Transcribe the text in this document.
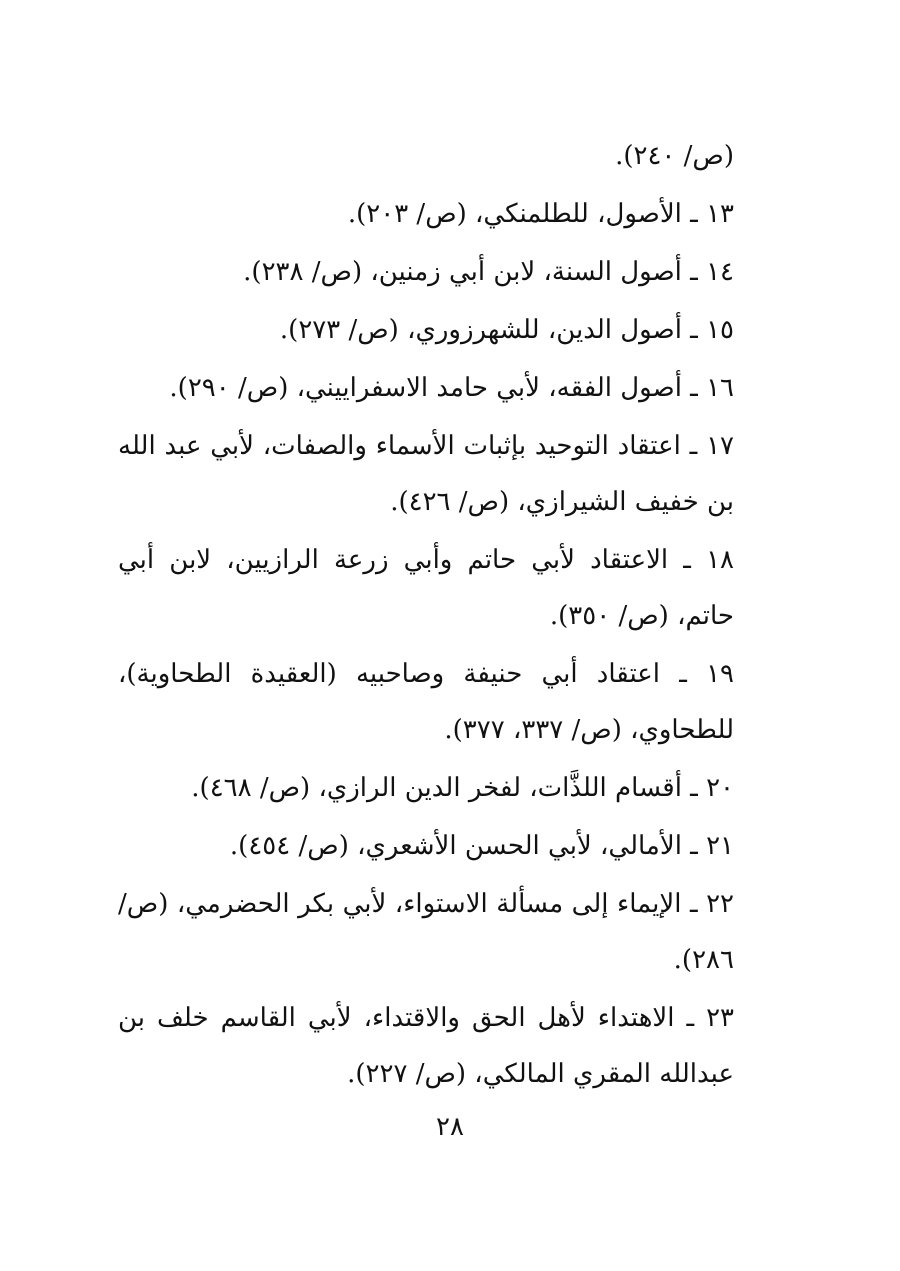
(ص/ ٢٤٠).

١٣ ـ الأصول، للطلمنكي، (ص/ ٢٠٣).

١٤ ـ أصول السنة، لابن أبي زمنين، (ص/ ٢٣٨).

١٥ ـ أصول الدين، للشهرزوري، (ص/ ٢٧٣).

١٦ ـ أصول الفقه، لأبي حامد الاسفراييني، (ص/ ٢٩٠).

١٧ ـ اعتقاد التوحيد بإثبات الأسماء والصفات، لأبي عبد الله بن خفيف الشيرازي، (ص/ ٤٢٦).

١٨ ـ الاعتقاد لأبي حاتم وأبي زرعة الرازيين، لابن أبي حاتم، (ص/ ٣٥٠).

١٩ ـ اعتقاد أبي حنيفة وصاحبيه (العقيدة الطحاوية)، للطحاوي، (ص/ ٣٣٧، ٣٧٧).

٢٠ ـ أقسام اللذَّات، لفخر الدين الرازي، (ص/ ٤٦٨).

٢١ ـ الأمالي، لأبي الحسن الأشعري، (ص/ ٤٥٤).

٢٢ ـ الإيماء إلى مسألة الاستواء، لأبي بكر الحضرمي، (ص/ ٢٨٦).

٢٣ ـ الاهتداء لأهل الحق والاقتداء، لأبي القاسم خلف بن عبدالله المقري المالكي، (ص/ ٢٢٧).

٢٨
